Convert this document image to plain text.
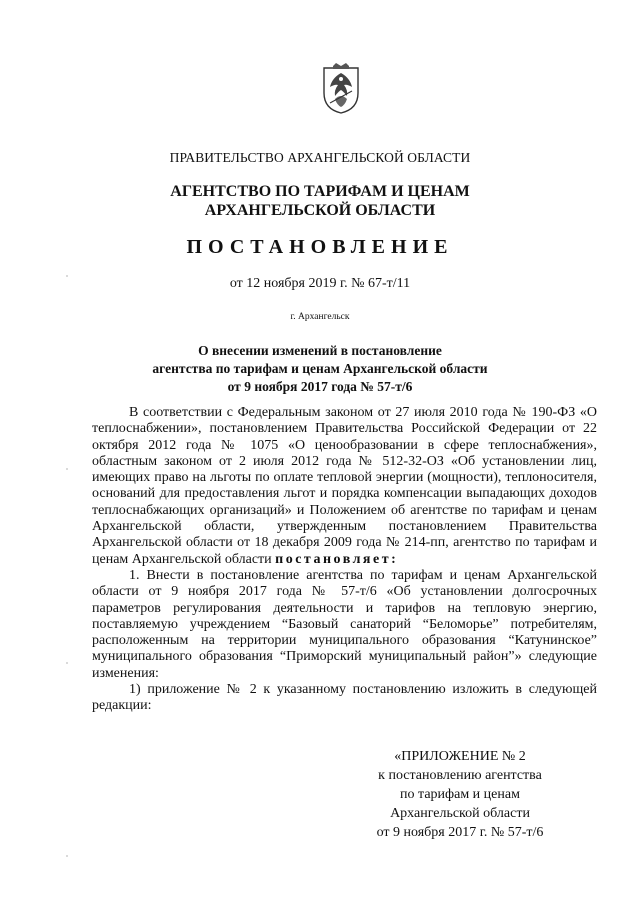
ПРАВИТЕЛЬСТВО АРХАНГЕЛЬСКОЙ ОБЛАСТИ
АГЕНТСТВО ПО ТАРИФАМ И ЦЕНАМ
АРХАНГЕЛЬСКОЙ ОБЛАСТИ
ПОСТАНОВЛЕНИЕ
от 12 ноября 2019 г. № 67-т/11
г. Архангельск
О внесении изменений в постановление
агентства по тарифам и ценам Архангельской области
от 9 ноября 2017 года № 57-т/6

В соответствии с Федеральным законом от 27 июля 2010 года № 190-ФЗ «О теплоснабжении», постановлением Правительства Российской Федерации от 22 октября 2012 года № 1075 «О ценообразовании в сфере теплоснабжения», областным законом от 2 июля 2012 года № 512-32-ОЗ «Об установлении лиц, имеющих право на льготы по оплате тепловой энергии (мощности), теплоносителя, оснований для предоставления льгот и порядка компенсации выпадающих доходов теплоснабжающих организаций» и Положением об агентстве по тарифам и ценам Архангельской области, утвержденным постановлением Правительства Архангельской области от 18 декабря 2009 года № 214-пп, агентство по тарифам и ценам Архангельской области постановляет:

1. Внести в постановление агентства по тарифам и ценам Архангельской области от 9 ноября 2017 года № 57-т/6 «Об установлении долгосрочных параметров регулирования деятельности и тарифов на тепловую энергию, поставляемую учреждением “Базовый санаторий “Беломорье” потребителям, расположенным на территории муниципального образования “Катунинское” муниципального образования “Приморский муниципальный район”» следующие изменения:

1) приложение № 2 к указанному постановлению изложить в следующей редакции:

«ПРИЛОЖЕНИЕ № 2
к постановлению агентства
по тарифам и ценам
Архангельской области
от 9 ноября 2017 г. № 57-т/6
